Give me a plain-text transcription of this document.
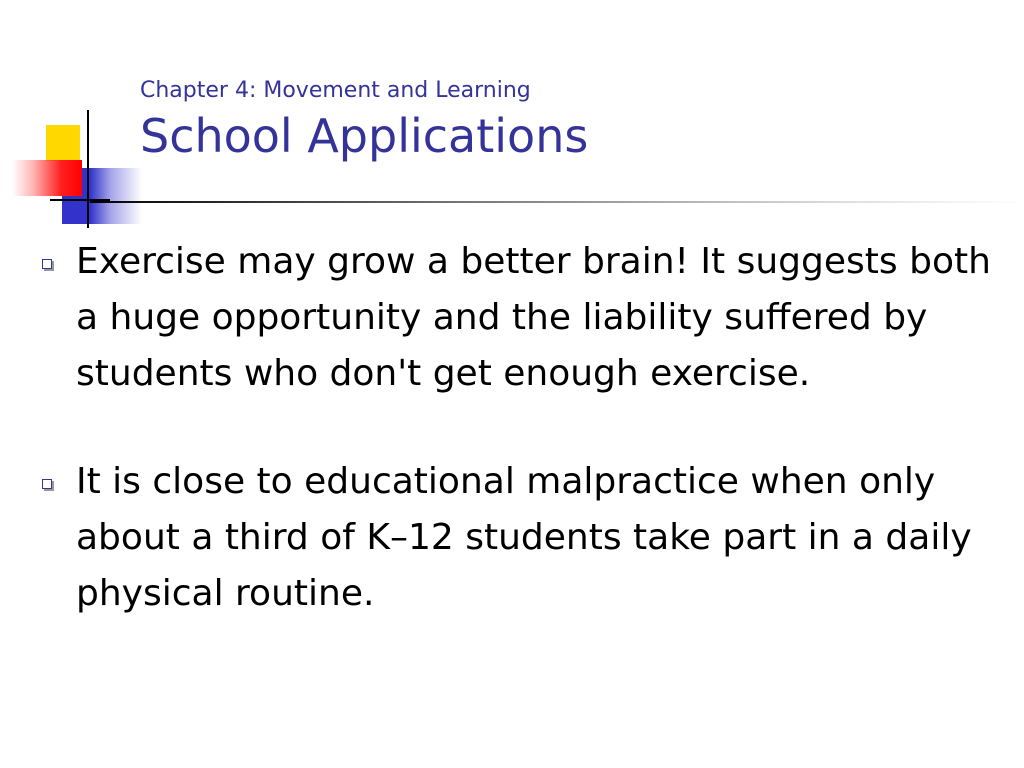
Chapter 4: Movement and Learning
School Applications
Exercise may grow a better brain! It suggests both a huge opportunity and the liability suffered by students who don't get enough exercise.
It is close to educational malpractice when only about a third of K–12 students take part in a daily physical routine.
